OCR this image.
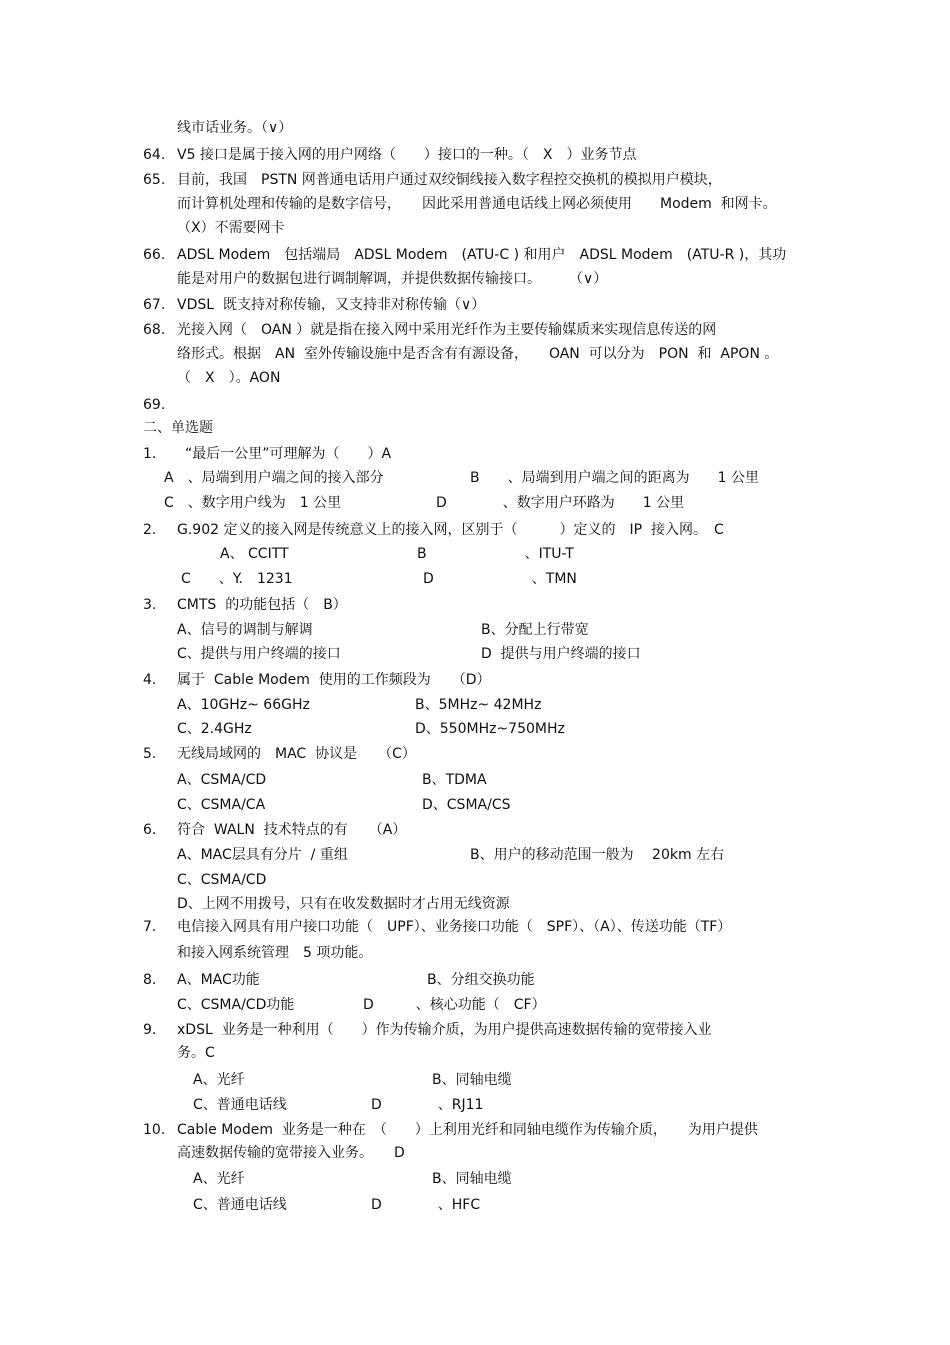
线市话业务。（∨）
64. V5 接口是属于接入网的用户网络（　　）接口的一种。（　X　）业务节点
65. 目前，我国　PSTN 网普通电话用户通过双绞铜线接入数字程控交换机的模拟用户模块，
而计算机处理和传输的是数字信号，　　因此采用普通电话线上网必须使用　　Modem  和网卡。
（X）不需要网卡
66. ADSL Modem　包括端局　ADSL Modem　(ATU-C ) 和用户　ADSL Modem　(ATU-R )，其功
能是对用户的数据包进行调制解调，并提供数据传输接口。　　　（∨）
67. VDSL  既支持对称传输，又支持非对称传输（∨）
68. 光接入网（　OAN ）就是指在接入网中采用光纤作为主要传输媒质来实现信息传送的网
络形式。根据　AN  室外传输设施中是否含有有源设备，　　OAN  可以分为　PON  和  APON 。
（　X　）。AON
69.
二、单选题
1. “最后一公里”可理解为（　　）A
A　、局端到用户端之间的接入部分	B　　、局端到用户端之间的距离为　　1 公里
C　、数字用户线为　1 公里	D　　　　、数字用户环路为　　1 公里
2. G.902 定义的接入网是传统意义上的接入网，区别于（　　　）定义的　IP  接入网。　C
A、 CCITT	B　　　　　　　、ITU-T
C　　、Y.　1231	D　　　　　　　、TMN
3. CMTS  的功能包括（　B）
A、信号的调制与解调	B、分配上行带宽
C、提供与用户终端的接口	D  提供与用户终端的接口
4. 属于  Cable Modem  使用的工作频段为　　（D）
A、10GHz~ 66GHz	B、5MHz~ 42MHz
C、2.4GHz	D、550MHz~750MHz
5. 无线局域网的　MAC  协议是　　（C）
A、CSMA/CD	B、TDMA
C、CSMA/CA	D、CSMA/CS
6. 符合  WALN  技术特点的有　　（A）
A、MAC层具有分片  / 重组	B、用户的移动范围一般为　 20km 左右
C、CSMA/CD
D、上网不用拨号，只有在收发数据时才占用无线资源
7. 电信接入网具有用户接口功能（　UPF）、业务接口功能（　SPF）、（A）、传送功能（TF）
和接入网系统管理　5 项功能。
8. A、MAC功能	B、分组交换功能
C、CSMA/CD功能	D　　　、核心功能（　CF）
9. xDSL  业务是一种利用（　　）作为传输介质，为用户提供高速数据传输的宽带接入业
务。C
A、光纤	B、同轴电缆
C、普通电话线	D　　　　、RJ11
10. Cable Modem  业务是一种在　（　　）上利用光纤和同轴电缆作为传输介质，　　为用户提供
高速数据传输的宽带接入业务。　　D
A、光纤	B、同轴电缆
C、普通电话线	D　　　　、HFC
